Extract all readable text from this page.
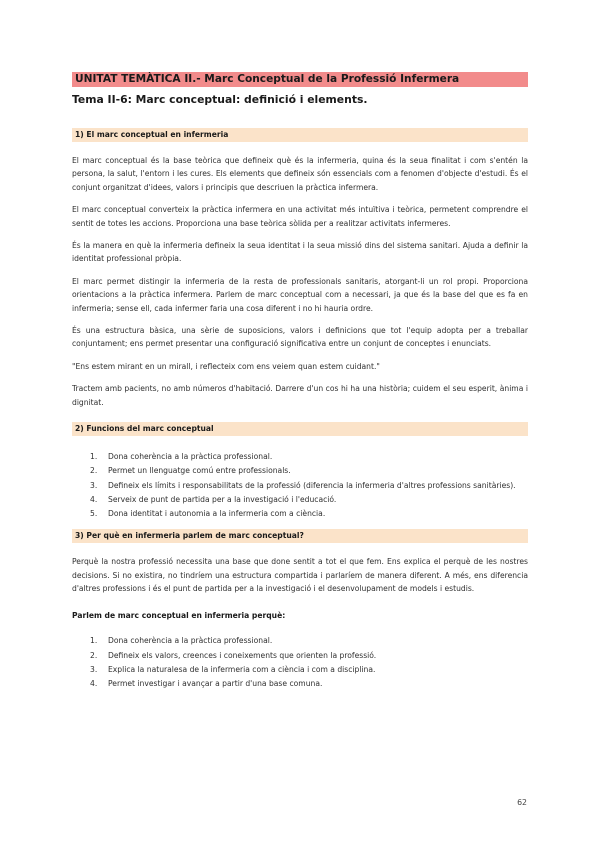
UNITAT TEMÀTICA II.- Marc Conceptual de la Professió Infermera
Tema II-6: Marc conceptual: definició i elements.
1) El marc conceptual en infermeria

El marc conceptual és la base teòrica que defineix què és la infermeria, quina és la seua finalitat i com s'entén la persona, la salut, l'entorn i les cures. Els elements que defineix són essencials com a fenomen d'objecte d'estudi. És el conjunt organitzat d'idees, valors i principis que descriuen la pràctica infermera.

El marc conceptual converteix la pràctica infermera en una activitat més intuïtiva i teòrica, permetent comprendre el sentit de totes les accions. Proporciona una base teòrica sòlida per a realitzar activitats infermeres.

És la manera en què la infermeria defineix la seua identitat i la seua missió dins del sistema sanitari. Ajuda a definir la identitat professional pròpia.

El marc permet distingir la infermeria de la resta de professionals sanitaris, atorgant-li un rol propi. Proporciona orientacions a la pràctica infermera. Parlem de marc conceptual com a necessari, ja que és la base del que es fa en infermeria; sense ell, cada infermer faria una cosa diferent i no hi hauria ordre.

És una estructura bàsica, una sèrie de suposicions, valors i definicions que tot l'equip adopta per a treballar conjuntament; ens permet presentar una configuració significativa entre un conjunt de conceptes i enunciats.

"Ens estem mirant en un mirall, i reflecteix com ens veiem quan estem cuidant."

Tractem amb pacients, no amb números d'habitació. Darrere d'un cos hi ha una història; cuidem el seu esperit, ànima i dignitat.

2) Funcions del marc conceptual
1. Dona coherència a la pràctica professional.
2. Permet un llenguatge comú entre professionals.
3. Defineix els límits i responsabilitats de la professió (diferencia la infermeria d'altres professions sanitàries).
4. Serveix de punt de partida per a la investigació i l'educació.
5. Dona identitat i autonomia a la infermeria com a ciència.
3) Per què en infermeria parlem de marc conceptual?

Perquè la nostra professió necessita una base que done sentit a tot el que fem. Ens explica el perquè de les nostres decisions. Si no existira, no tindríem una estructura compartida i parlaríem de manera diferent. A més, ens diferencia d'altres professions i és el punt de partida per a la investigació i el desenvolupament de models i estudis.

Parlem de marc conceptual en infermeria perquè:
1. Dona coherència a la pràctica professional.
2. Defineix els valors, creences i coneixements que orienten la professió.
3. Explica la naturalesa de la infermeria com a ciència i com a disciplina.
4. Permet investigar i avançar a partir d'una base comuna.
62
